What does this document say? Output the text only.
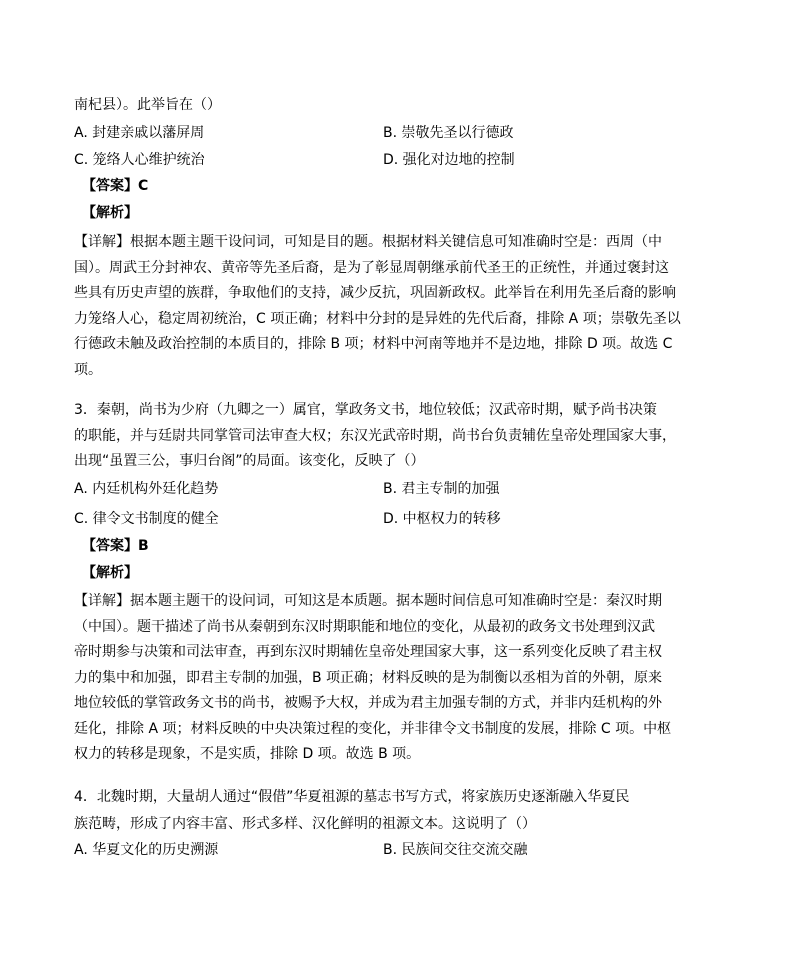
南杞县）。此举旨在（）
A. 封建亲戚以藩屏周	B. 崇敬先圣以行德政
C. 笼络人心维护统治	D. 强化对边地的控制
【答案】C
【解析】
【详解】根据本题主题干设问词，可知是目的题。根据材料关键信息可知准确时空是：西周（中
国）。周武王分封神农、黄帝等先圣后裔，是为了彰显周朝继承前代圣王的正统性，并通过褒封这
些具有历史声望的族群，争取他们的支持，减少反抗，巩固新政权。此举旨在利用先圣后裔的影响
力笼络人心，稳定周初统治，C 项正确；材料中分封的是异姓的先代后裔，排除 A 项；崇敬先圣以
行德政未触及政治控制的本质目的，排除 B 项；材料中河南等地并不是边地，排除 D 项。故选 C
项。
3．秦朝，尚书为少府（九卿之一）属官，掌政务文书，地位较低；汉武帝时期，赋予尚书决策
的职能，并与廷尉共同掌管司法审查大权；东汉光武帝时期，尚书台负责辅佐皇帝处理国家大事，
出现“虽置三公，事归台阁”的局面。该变化，反映了（）
A. 内廷机构外廷化趋势	B. 君主专制的加强
C. 律令文书制度的健全	D. 中枢权力的转移
【答案】B
【解析】
【详解】据本题主题干的设问词，可知这是本质题。据本题时间信息可知准确时空是：秦汉时期
（中国）。题干描述了尚书从秦朝到东汉时期职能和地位的变化，从最初的政务文书处理到汉武
帝时期参与决策和司法审查，再到东汉时期辅佐皇帝处理国家大事，这一系列变化反映了君主权
力的集中和加强，即君主专制的加强，B 项正确；材料反映的是为制衡以丞相为首的外朝，原来
地位较低的掌管政务文书的尚书，被赐予大权，并成为君主加强专制的方式，并非内廷机构的外
廷化，排除 A 项；材料反映的中央决策过程的变化，并非律令文书制度的发展，排除 C 项。中枢
权力的转移是现象，不是实质，排除 D 项。故选 B 项。
4．北魏时期，大量胡人通过“假借”华夏祖源的墓志书写方式，将家族历史逐渐融入华夏民
族范畴，形成了内容丰富、形式多样、汉化鲜明的祖源文本。这说明了（）
A. 华夏文化的历史溯源	B. 民族间交往交流交融
